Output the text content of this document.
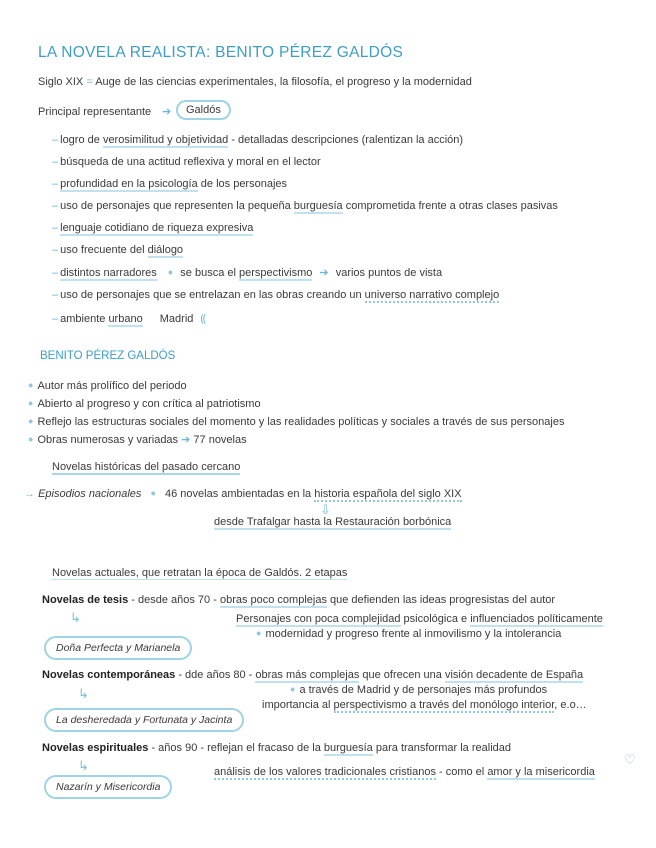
LA NOVELA REALISTA: BENITO PÉREZ GALDÓS
Siglo XIX = Auge de las ciencias experimentales, la filosofía, el progreso y la modernidad
Principal representante ➔	Galdós
– logro de verosimilitud y objetividad - detalladas descripciones (ralentizan la acción)
– búsqueda de una actitud reflexiva y moral en el lector
– profundidad en la psicología de los personajes
– uso de personajes que representen la pequeña burguesía comprometida frente a otras clases pasivas
– lenguaje cotidiano de riqueza expresiva
– uso frecuente del diálogo
– distintos narradores ● se busca el perspectivismo ➔ varios puntos de vista
– uso de personajes que se entrelazan en las obras creando un universo narrativo complejo
– ambiente urbano Madrid ⸨
BENITO PÉREZ GALDÓS
● Autor más prolífico del periodo
● Abierto al progreso y con crítica al patriotismo
● Reflejo las estructuras sociales del momento y las realidades políticas y sociales a través de sus personajes
● Obras numerosas y variadas ➔ 77 novelas
Novelas históricas del pasado cercano
→ Episodios nacionales ● 46 novelas ambientadas en la historia española del siglo XIX
⇩
desde Trafalgar hasta la Restauración borbónica
Novelas actuales, que retratan la época de Galdós. 2 etapas
Novelas de tesis - desde años 70 - obras poco complejas que defienden las ideas progresistas del autor
↳	Personajes con poca complejidad psicológica e influenciados políticamente
● modernidad y progreso frente al inmovilismo y la intolerancia
Doña Perfecta y Marianela
Novelas contemporáneas - dde años 80 - obras más complejas que ofrecen una visión decadente de España
● a través de Madrid y de personajes más profundos
↳
importancia al perspectivismo a través del monólogo interior, e.o…
La desheredada y Fortunata y Jacinta
Novelas espirituales - años 90 - reflejan el fracaso de la burguesía para transformar la realidad
♡
↳	análisis de los valores tradicionales cristianos - como el amor y la misericordia
Nazarín y Misericordia
